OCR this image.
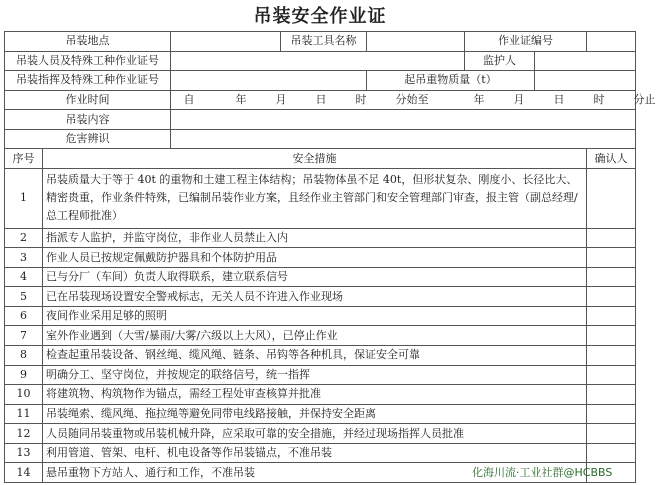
吊装安全作业证
吊装地点			吊装工具名称		作业证编号		
吊装人员及特殊工种作业证号					监护人		
吊装指挥及特殊工种作业证号				起吊重物质量（t）			
作业时间		自 年 月 日 时 分始至 年 月 日 时 分止					
吊装内容							
危害辨识							
序号	安全措施						确认人
1	吊装质量大于等于 40t 的重物和土建工程主体结构；吊装物体虽不足 40t，但形状复杂、刚度小、长径比大、精密贵重，作业条件特殊，已编制吊装作业方案，且经作业主管部门和安全管理部门审查，报主管（副总经理/总工程师批准）						
2	指派专人监护，并监守岗位，非作业人员禁止入内						
3	作业人员已按规定佩戴防护器具和个体防护用品						
4	已与分厂（车间）负责人取得联系，建立联系信号						
5	已在吊装现场设置安全警戒标志，无关人员不许进入作业现场						
6	夜间作业采用足够的照明						
7	室外作业遇到（大雪/暴雨/大雾/六级以上大风），已停止作业						
8	检查起重吊装设备、钢丝绳、缆风绳、链条、吊钩等各种机具，保证安全可靠						
9	明确分工、坚守岗位，并按规定的联络信号，统一指挥						
10	将建筑物、构筑物作为锚点，需经工程处审查核算并批准						
11	吊装绳索、缆风绳、拖拉绳等避免同带电线路接触，并保持安全距离						
12	人员随同吊装重物或吊装机械升降，应采取可靠的安全措施，并经过现场指挥人员批准						
13	利用管道、管架、电杆、机电设备等作吊装锚点，不准吊装						
14	悬吊重物下方站人、通行和工作，不准吊装							化海川流·工业社群@HCBBS
